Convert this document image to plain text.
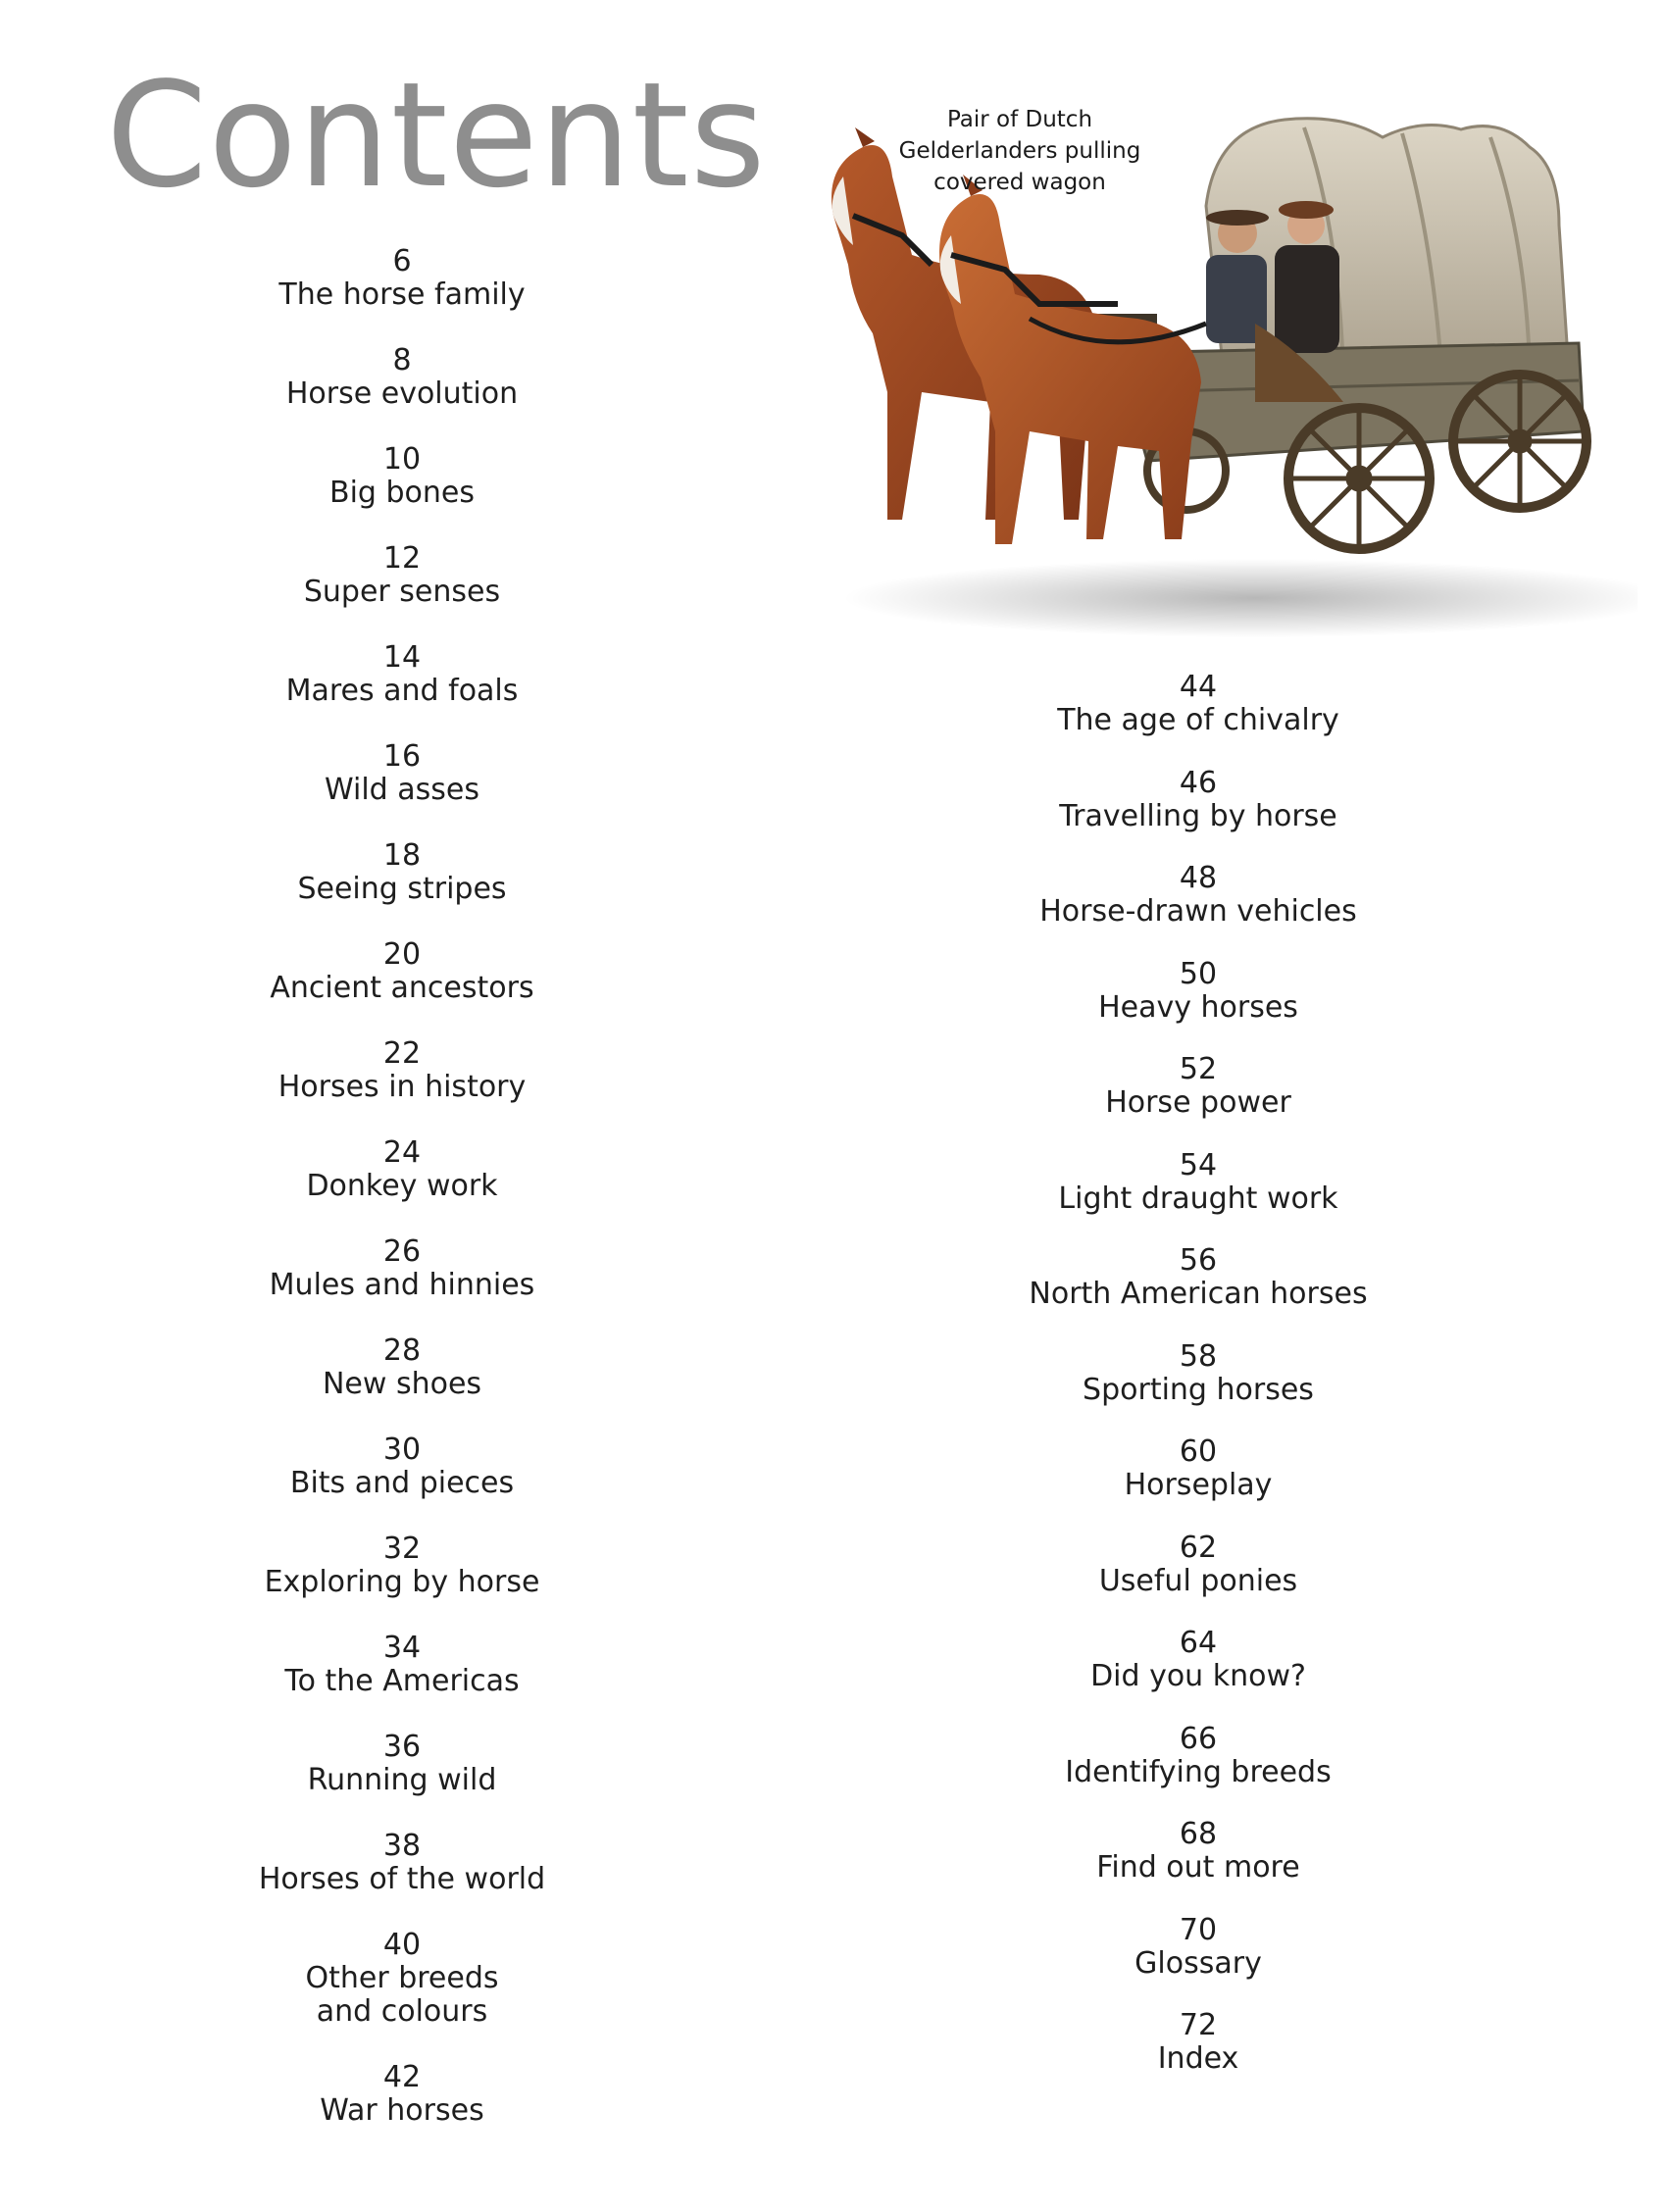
Contents	Pair of Dutch
Gelderlanders pulling
covered wagon
6
The horse family
8
Horse evolution
10
Big bones
12
Super senses
14
Mares and foals
16
Wild asses
18
Seeing stripes
20
Ancient ancestors
22
Horses in history
24
Donkey work
26
Mules and hinnies
28
New shoes
30
Bits and pieces
32
Exploring by horse
34
To the Americas
36
Running wild
38
Horses of the world
40
Other breeds
and colours
42
War horses
44
The age of chivalry
46
Travelling by horse
48
Horse-drawn vehicles
50
Heavy horses
52
Horse power
54
Light draught work
56
North American horses
58
Sporting horses
60
Horseplay
62
Useful ponies
64
Did you know?
66
Identifying breeds
68
Find out more
70
Glossary
72
Index
